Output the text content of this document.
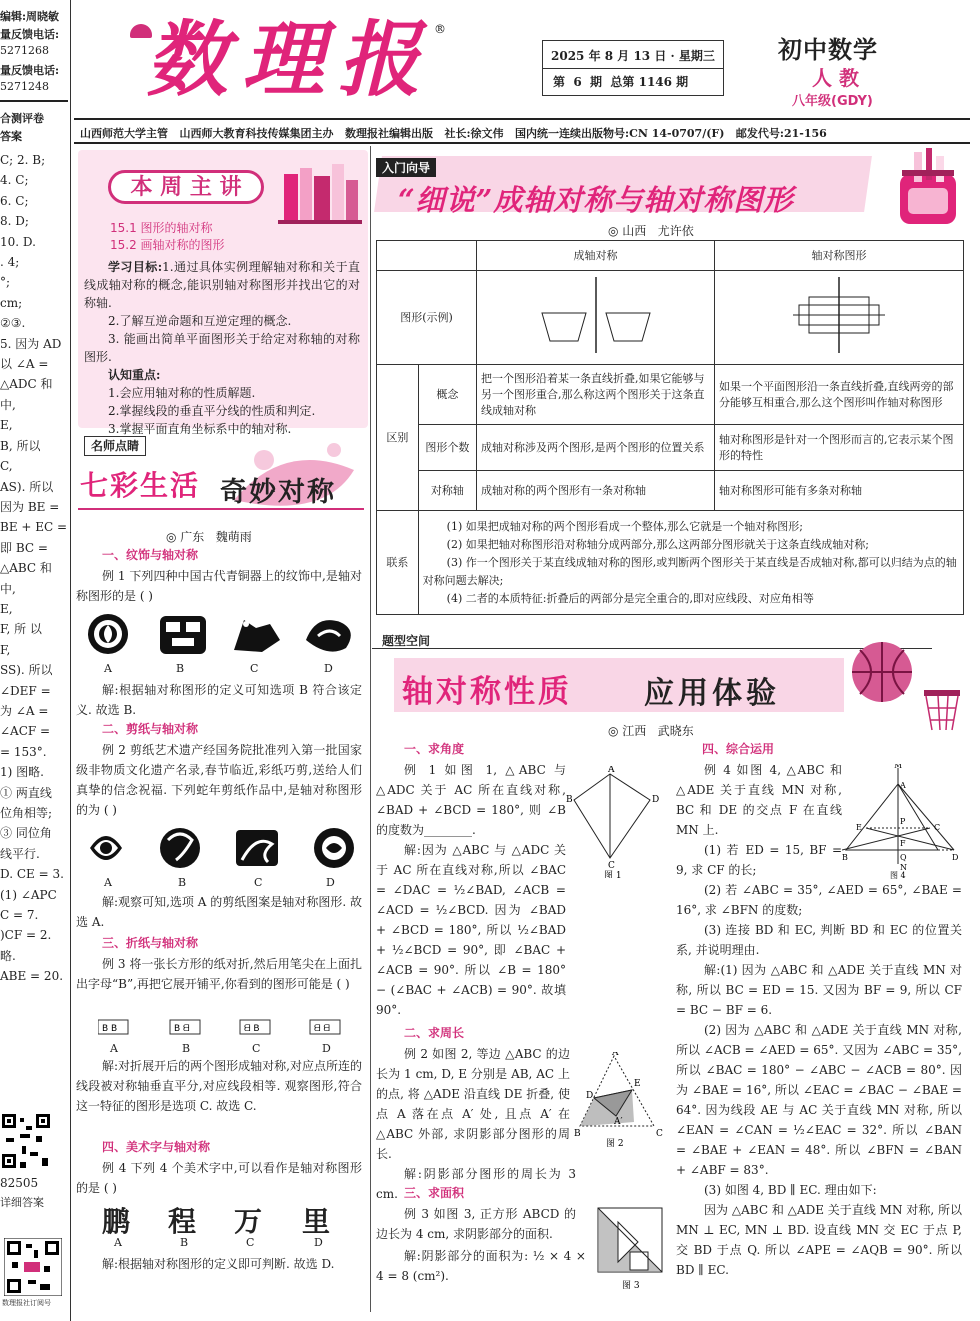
编辑:周晓敏
量反馈电话:
5271268
量反馈电话:
5271248
合测评卷
答案
C; 2. B;
4. C;
6. C;
8. D;
10. D.
. 4;
°;
cm;
②③.
5. 因为 AD
以 ∠A =
△ADC 和
中,
E,
B, 所以
C,
AS). 所以
因为 BE =
BE + EC =
即 BC =
△ABC 和
中,
E,
F, 所 以
F,
SS). 所以
∠DEF =
为 ∠A =
∠ACF =
= 153°.
1) 图略.
① 两直线
位角相等;
③ 同位角
线平行.
D. CE = 3.
(1) ∠APC
C = 7.
)CF = 2.
略.
ABE = 20.
82505
详细答案
数理报社订阅号
数理报 ®
2025 年 8 月 13 日 · 星期三
第  6  期  总第 1146 期
初中数学
人 教
八年级(GDY)
山西师范大学主管   山西师大教育科技传媒集团主办   数理报社编辑出版   社长:徐文伟   国内统一连续出版物号:CN 14-0707/(F)   邮发代号:21-156
本 周 主 讲
15.1 图形的轴对称
15.2 画轴对称的图形
学习目标:1.通过具体实例理解轴对称和关于直线成轴对称的概念,能识别轴对称图形并找出它的对称轴.
2.了解互逆命题和互逆定理的概念.
3. 能画出简单平面图形关于给定对称轴的对称图形.
认知重点:
1.会应用轴对称的性质解题.
2.掌握线段的垂直平分线的性质和判定.
3.掌握平面直角坐标系中的轴对称.
名师点睛
七彩生活 奇妙对称
◎ 广东   魏萌雨
一、纹饰与轴对称
例 1 下列四种中国古代青铜器上的纹饰中,是轴对称图形的是 ( )
A	B	C	D
解:根据轴对称图形的定义可知选项 B 符合该定义. 故选 B.
二、剪纸与轴对称
例 2 剪纸艺术遗产经国务院批准列入第一批国家级非物质文化遗产名录,春节临近,彩纸巧剪,送给人们真挚的信念祝福. 下列蛇年剪纸作品中,是轴对称图形的为 ( )
A	B	C	D
解:观察可知,选项 A 的剪纸图案是轴对称图形. 故选 A.
三、折纸与轴对称
例 3 将一张长方形的纸对折,然后用笔尖在上面扎出字母“B”,再把它展开铺平,你看到的图形可能是 ( )
B B	B ᗺ	ᗺ B	ᗺ ᗺ
A	B	C	D
解:对折展开后的两个图形成轴对称,对应点所连的线段被对称轴垂直平分,对应线段相等. 观察图形,符合这一特征的图形是选项 C. 故选 C.
四、美术字与轴对称
例 4 下列 4 个美术字中,可以看作是轴对称图形的是 ( )
鹏 程 万 里
A	B	C	D
解:根据轴对称图形的定义即可判断. 故选 D.
入门向导
“细说”成轴对称与轴对称图形
◎ 山西   尤许依
		成轴对称	轴对称图形
图形(示例)		
区别	概念	把一个图形沿着某一条直线折叠,如果它能够与另一个图形重合,那么称这两个图形关于这条直线成轴对称	如果一个平面图形沿一条直线折叠,直线两旁的部分能够互相重合,那么这个图形叫作轴对称图形
	图形个数	成轴对称涉及两个图形,是两个图形的位置关系	轴对称图形是针对一个图形而言的,它表示某个图形的特性
	对称轴	成轴对称的两个图形有一条对称轴	轴对称图形可能有多条对称轴
联系	(1) 如果把成轴对称的两个图形看成一个整体,那么它就是一个轴对称图形;
(2) 如果把轴对称图形沿对称轴分成两部分,那么这两部分图形就关于这条直线成轴对称;
(3) 作一个图形关于某直线成轴对称的图形,或判断两个图形关于某直线是否成轴对称,都可以归结为点的轴对称问题去解决;
(4) 二者的本质特征:折叠后的两部分是完全重合的,即对应线段、对应角相等		
题型空间
轴对称性质 应用体验
◎ 江西   武晓东
一、求角度
例 1 如图 1, △ABC 与 △ADC 关于 AC 所在直线对称, ∠BAD + ∠BCD = 180°, 则 ∠B 的度数为________.
A
B	D
C
图 1
解:因为 △ABC 与 △ADC 关于 AC 所在直线对称,所以 ∠BAC = ∠DAC = ½∠BAD, ∠ACB = ∠ACD = ½∠BCD. 因为 ∠BAD + ∠BCD = 180°, 所以 ½∠BAD + ½∠BCD = 90°, 即 ∠BAC + ∠ACB = 90°. 所以 ∠B = 180° − (∠BAC + ∠ACB) = 90°. 故填 90°.
二、求周长
例 2 如图 2, 等边 △ABC 的边长为 1 cm, D, E 分别是 AB, AC 上的点, 将 △ADE 沿直线 DE 折叠, 使点 A 落在点 A′ 处, 且点 A′ 在 △ABC 外部, 求阴影部分图形的周长.
A
E
D
B	C
A′
图 2
解:阴影部分图形的周长为 3 cm. 三、求面积
例 3 如图 3, 正方形 ABCD 的边长为 4 cm, 求阴影部分的面积.
图 3
解:阴影部分的面积为: ½ × 4 × 4 = 8 (cm²).
四、综合运用
例 4 如图 4, △ABC 和 △ADE 关于直线 MN 对称, BC 和 DE 的交点 F 在直线 MN 上.
M
A
E	C
P
F
Q
B	D
N
图 4
(1) 若 ED = 15, BF = 9, 求 CF 的长;
(2) 若 ∠ABC = 35°, ∠AED = 65°, ∠BAE = 16°, 求 ∠BFN 的度数;
(3) 连接 BD 和 EC, 判断 BD 和 EC 的位置关系, 并说明理由.
解:(1) 因为 △ABC 和 △ADE 关于直线 MN 对称, 所以 BC = ED = 15. 又因为 BF = 9, 所以 CF = BC − BF = 6.
(2) 因为 △ABC 和 △ADE 关于直线 MN 对称, 所以 ∠ACB = ∠AED = 65°. 又因为 ∠ABC = 35°, 所以 ∠BAC = 180° − ∠ABC − ∠ACB = 80°. 因为 ∠BAE = 16°, 所以 ∠EAC = ∠BAC − ∠BAE = 64°. 因为线段 AE 与 AC 关于直线 MN 对称, 所以 ∠EAN = ∠CAN = ½∠EAC = 32°. 所以 ∠BAN = ∠BAE + ∠EAN = 48°. 所以 ∠BFN = ∠BAN + ∠ABF = 83°.
(3) 如图 4, BD ∥ EC. 理由如下:
因为 △ABC 和 △ADE 关于直线 MN 对称, 所以 MN ⊥ EC, MN ⊥ BD. 设直线 MN 交 EC 于点 P, 交 BD 于点 Q. 所以 ∠APE = ∠AQB = 90°. 所以 BD ∥ EC.
